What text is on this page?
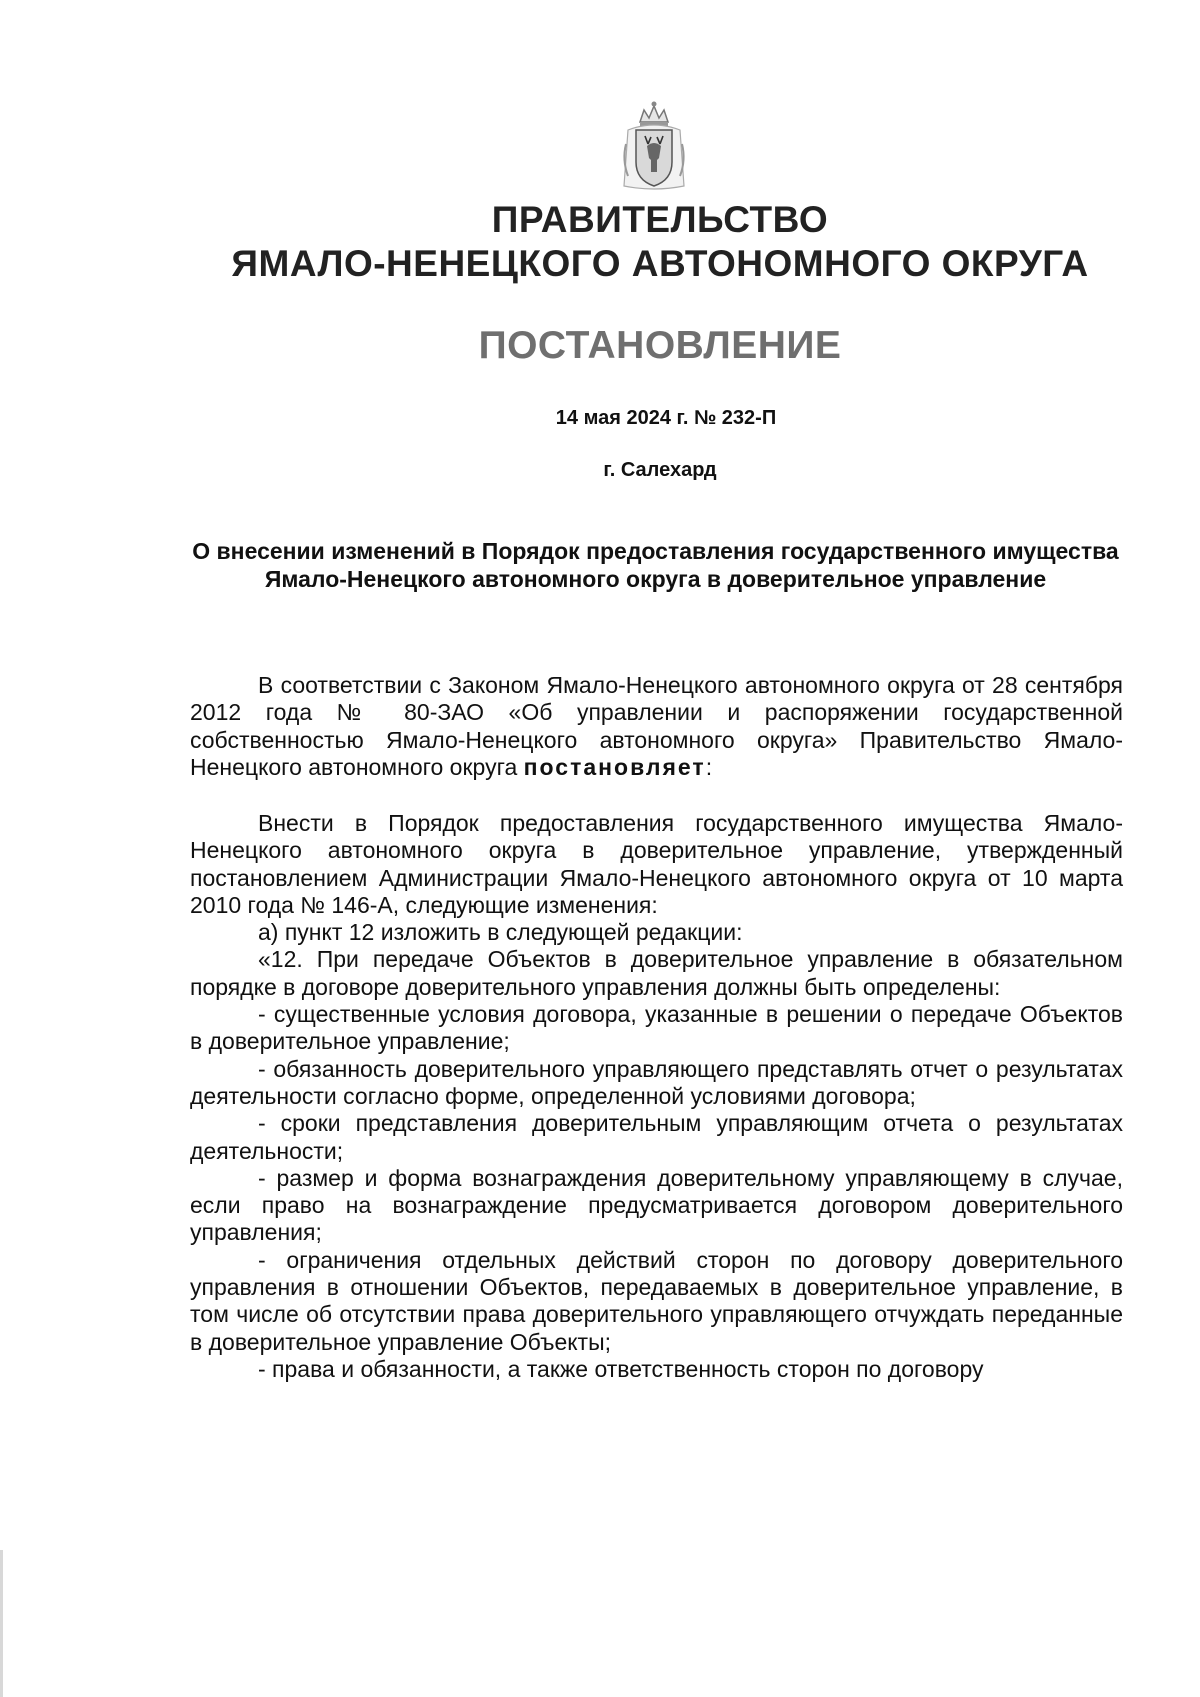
ПРАВИТЕЛЬСТВО
ЯМАЛО-НЕНЕЦКОГО АВТОНОМНОГО ОКРУГА
ПОСТАНОВЛЕНИЕ
14 мая 2024 г. № 232-П
г. Салехард
О внесении изменений в Порядок предоставления государственного имущества Ямало-Ненецкого автономного округа в доверительное управление

В соответствии с Законом Ямало-Ненецкого автономного округа от 28 сентября 2012 года № 80-ЗАО «Об управлении и распоряжении государственной собственностью Ямало-Ненецкого автономного округа» Правительство Ямало-Ненецкого автономного округа постановляет:

Внести в Порядок предоставления государственного имущества Ямало-Ненецкого автономного округа в доверительное управление, утвержденный постановлением Администрации Ямало-Ненецкого автономного округа от 10 марта 2010 года № 146-А, следующие изменения:

а) пункт 12 изложить в следующей редакции:

«12. При передаче Объектов в доверительное управление в обязательном порядке в договоре доверительного управления должны быть определены:

- существенные условия договора, указанные в решении о передаче Объектов в доверительное управление;

- обязанность доверительного управляющего представлять отчет о результатах деятельности согласно форме, определенной условиями договора;

- сроки представления доверительным управляющим отчета о результатах деятельности;

- размер и форма вознаграждения доверительному управляющему в случае, если право на вознаграждение предусматривается договором доверительного управления;

- ограничения отдельных действий сторон по договору доверительного управления в отношении Объектов, передаваемых в доверительное управление, в том числе об отсутствии права доверительного управляющего отчуждать переданные в доверительное управление Объекты;

- права и обязанности, а также ответственность сторон по договору
